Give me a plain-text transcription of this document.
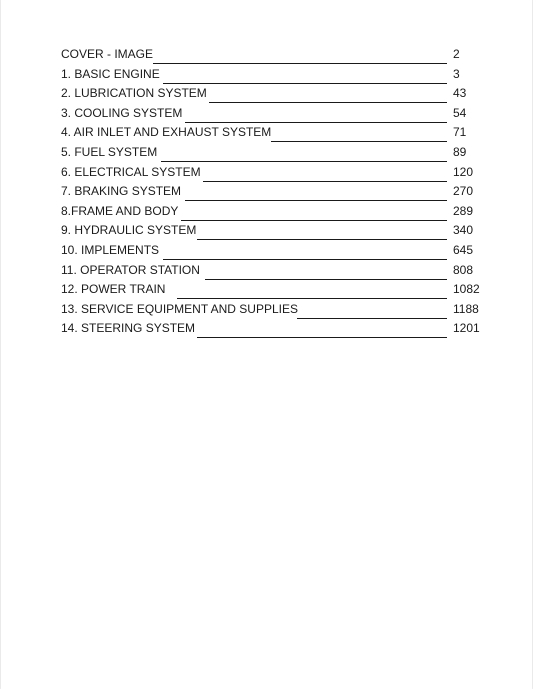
COVER - IMAGE	2
1. BASIC ENGINE	3
2. LUBRICATION SYSTEM	43
3. COOLING SYSTEM	54
4. AIR INLET AND EXHAUST SYSTEM	71
5. FUEL SYSTEM	89
6. ELECTRICAL SYSTEM	120
7. BRAKING SYSTEM	270
8.FRAME AND BODY	289
9. HYDRAULIC SYSTEM	340
10. IMPLEMENTS	645
11. OPERATOR STATION	808
12. POWER TRAIN	1082
13. SERVICE EQUIPMENT AND SUPPLIES	1188
14. STEERING SYSTEM	1201
